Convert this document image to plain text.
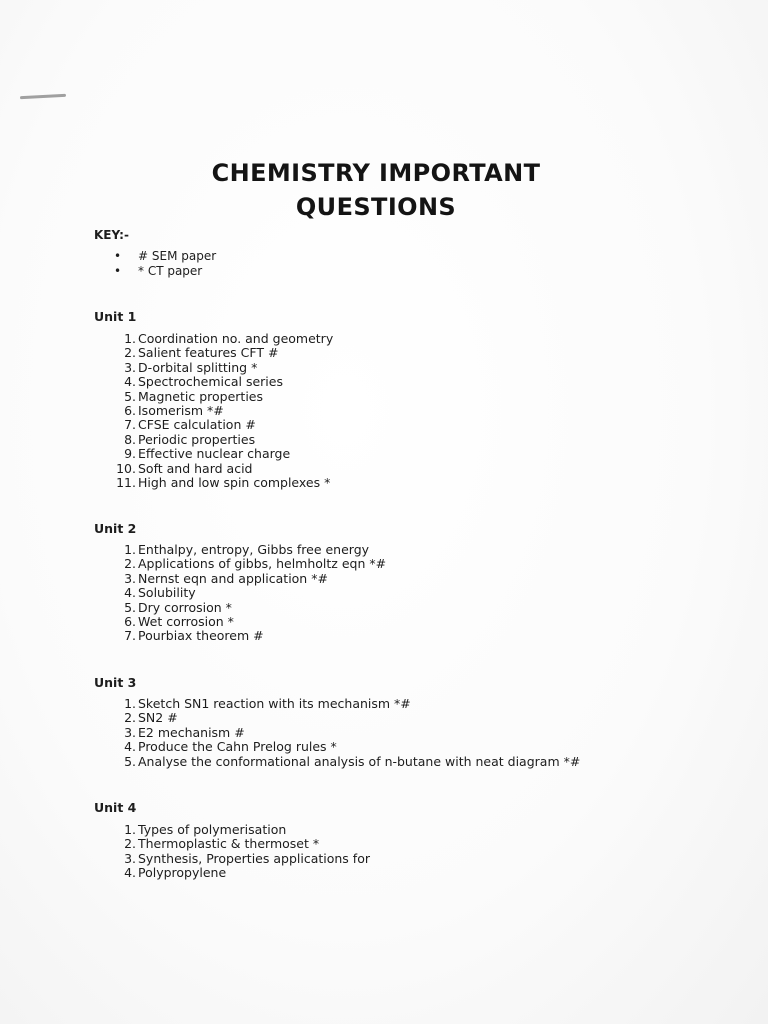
CHEMISTRY IMPORTANT
QUESTIONS

KEY:-

• # SEM paper
• * CT paper
Unit 1
1. Coordination no. and geometry
2. Salient features CFT #
3. D-orbital splitting *
4. Spectrochemical series
5. Magnetic properties
6. Isomerism *#
7. CFSE calculation #
8. Periodic properties
9. Effective nuclear charge
10. Soft and hard acid
11. High and low spin complexes *
Unit 2
1. Enthalpy, entropy, Gibbs free energy
2. Applications of gibbs, helmholtz eqn *#
3. Nernst eqn and application *#
4. Solubility
5. Dry corrosion *
6. Wet corrosion *
7. Pourbiax theorem #
Unit 3
1. Sketch SN1 reaction with its mechanism *#
2. SN2 #
3. E2 mechanism #
4. Produce the Cahn Prelog rules *
5. Analyse the conformational analysis of n-butane with neat diagram *#
Unit 4
1. Types of polymerisation
2. Thermoplastic & thermoset *
3. Synthesis, Properties applications for
4. Polypropylene
